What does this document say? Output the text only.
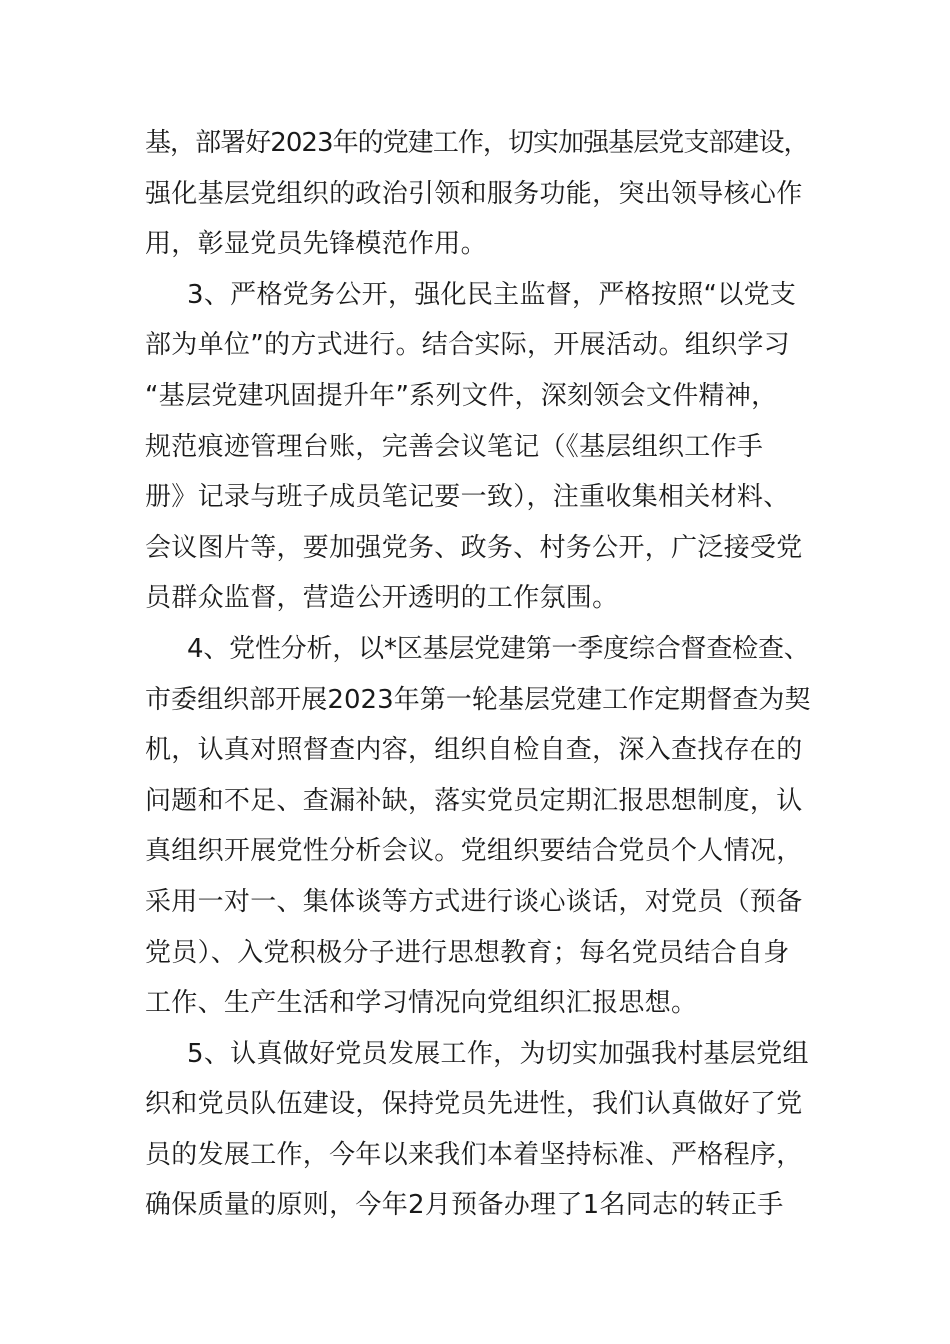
基，部署好2023年的党建工作，切实加强基层党支部建设，
强化基层党组织的政治引领和服务功能，突出领导核心作
用，彰显党员先锋模范作用。
3、严格党务公开，强化民主监督，严格按照“以党支
部为单位”的方式进行。结合实际，开展活动。组织学习
“基层党建巩固提升年”系列文件，深刻领会文件精神，
规范痕迹管理台账，完善会议笔记（《基层组织工作手
册》记录与班子成员笔记要一致），注重收集相关材料、
会议图片等，要加强党务、政务、村务公开，广泛接受党
员群众监督，营造公开透明的工作氛围。
4、党性分析，以*区基层党建第一季度综合督查检查、
市委组织部开展2023年第一轮基层党建工作定期督查为契
机，认真对照督查内容，组织自检自查，深入查找存在的
问题和不足、查漏补缺，落实党员定期汇报思想制度，认
真组织开展党性分析会议。党组织要结合党员个人情况，
采用一对一、集体谈等方式进行谈心谈话，对党员（预备
党员）、入党积极分子进行思想教育；每名党员结合自身
工作、生产生活和学习情况向党组织汇报思想。
5、认真做好党员发展工作，为切实加强我村基层党组
织和党员队伍建设，保持党员先进性，我们认真做好了党
员的发展工作，今年以来我们本着坚持标准、严格程序，
确保质量的原则，今年2月预备办理了1名同志的转正手
